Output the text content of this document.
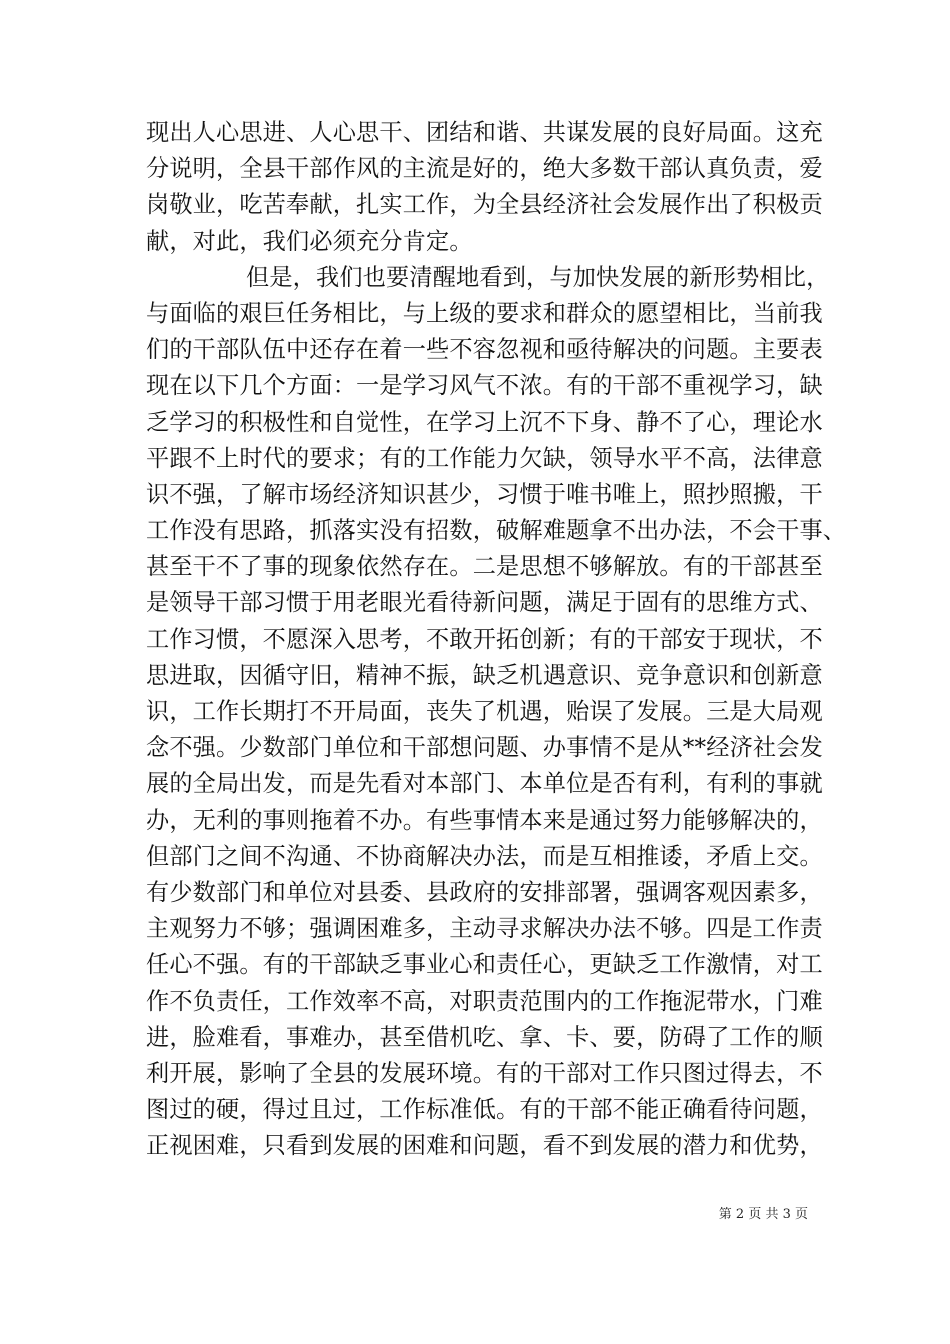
现出人心思进、人心思干、团结和谐、共谋发展的良好局面。这充
分说明，全县干部作风的主流是好的，绝大多数干部认真负责，爱
岗敬业，吃苦奉献，扎实工作，为全县经济社会发展作出了积极贡
献，对此，我们必须充分肯定。
但是，我们也要清醒地看到，与加快发展的新形势相比，
与面临的艰巨任务相比，与上级的要求和群众的愿望相比，当前我
们的干部队伍中还存在着一些不容忽视和亟待解决的问题。主要表
现在以下几个方面：一是学习风气不浓。有的干部不重视学习，缺
乏学习的积极性和自觉性，在学习上沉不下身、静不了心，理论水
平跟不上时代的要求；有的工作能力欠缺，领导水平不高，法律意
识不强，了解市场经济知识甚少，习惯于唯书唯上，照抄照搬，干
工作没有思路，抓落实没有招数，破解难题拿不出办法，不会干事、
甚至干不了事的现象依然存在。二是思想不够解放。有的干部甚至
是领导干部习惯于用老眼光看待新问题，满足于固有的思维方式、
工作习惯，不愿深入思考，不敢开拓创新；有的干部安于现状，不
思进取，因循守旧，精神不振，缺乏机遇意识、竞争意识和创新意
识，工作长期打不开局面，丧失了机遇，贻误了发展。三是大局观
念不强。少数部门单位和干部想问题、办事情不是从**经济社会发
展的全局出发，而是先看对本部门、本单位是否有利，有利的事就
办，无利的事则拖着不办。有些事情本来是通过努力能够解决的，
但部门之间不沟通、不协商解决办法，而是互相推诿，矛盾上交。
有少数部门和单位对县委、县政府的安排部署，强调客观因素多，
主观努力不够；强调困难多，主动寻求解决办法不够。四是工作责
任心不强。有的干部缺乏事业心和责任心，更缺乏工作激情，对工
作不负责任，工作效率不高，对职责范围内的工作拖泥带水，门难
进，脸难看，事难办，甚至借机吃、拿、卡、要，防碍了工作的顺
利开展，影响了全县的发展环境。有的干部对工作只图过得去，不
图过的硬，得过且过，工作标准低。有的干部不能正确看待问题，
正视困难，只看到发展的困难和问题，看不到发展的潜力和优势，
第 2 页 共 3 页
